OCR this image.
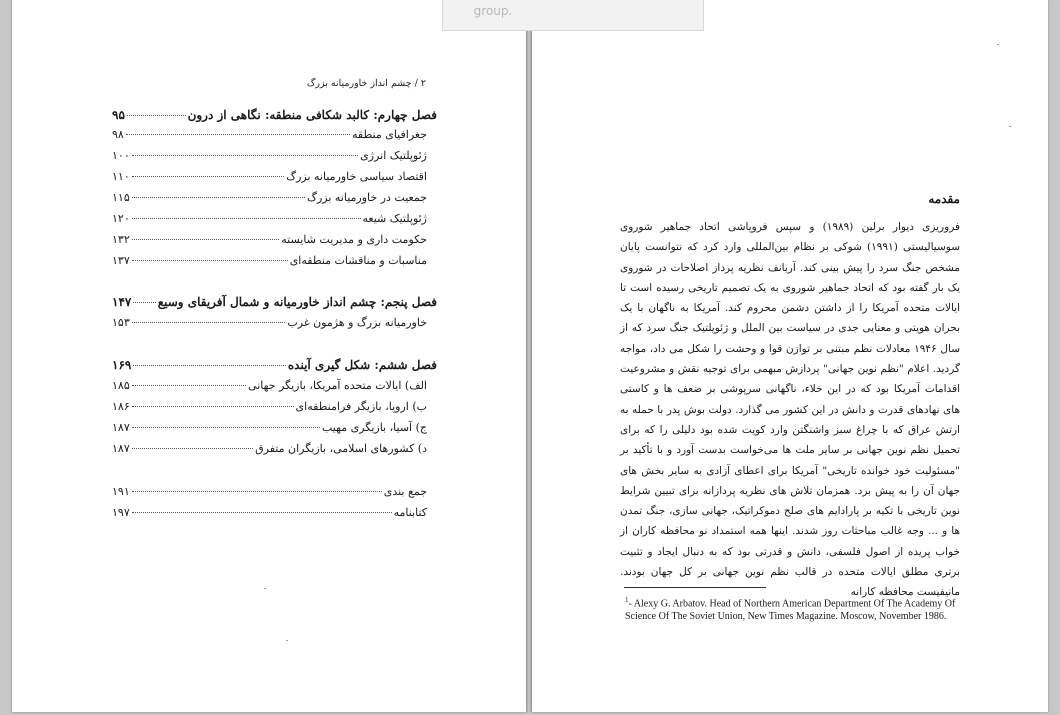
۲ / چشم انداز خاورمیانه بزرگ
فصل چهارم: کالبد شکافی منطقه: نگاهی از درون
۹۵
جغرافیای منطقه
۹۸
ژئوپلتیک انرژی
۱۰۰
اقتصاد سیاسی خاورمیانه بزرگ
۱۱۰
جمعیت در خاورمیانه بزرگ
۱۱۵
ژئوپلتیک شیعه
۱۲۰
حکومت داری و مدیریت شایسته
۱۳۲
مناسبات و مناقشات منطقه‌ای
۱۳۷
فصل پنجم: چشم انداز خاورمیانه و شمال آفریقای وسیع
۱۴۷
خاورمیانه بزرگ و هژمون غرب
۱۵۳
فصل ششم: شکل گیری آینده
۱۶۹
الف) ایالات متحده آمریکا، بازیگر جهانی
۱۸۵
ب) اروپا، بازیگر فرامنطقه‌ای
۱۸۶
ج) آسیا، بازیگری مهیب
۱۸۷
د) کشورهای اسلامی، بازیگران متفرق
۱۸۷
جمع بندی
۱۹۱
کتابنامه
۱۹۷
مقدمه
فروریزی دیوار برلین (۱۹۸۹) و سپس فروپاشی اتحاد جماهیر شوروی سوسیالیستی (۱۹۹۱) شوکی بر نظام بین‌المللی وارد کرد که نتوانست پایان مشخص جنگ سرد را پیش بینی کند. آربانف نظریه پرداز اصلاحات در شوروی یک بار گفته بود که اتحاد جماهیر شوروی به یک تصمیم تاریخی رسیده است تا ایالات متحده آمریکا را از داشتن دشمن محروم کند. آمریکا به ناگهان با یک بحران هویتی و معنایی جدی در سیاست بین الملل و ژئوپلتیک جنگ سرد که از سال ۱۹۴۶ معادلات نظم مبتنی بر توازن قوا و وحشت را شکل می داد، مواجه گردید. اعلام "نظم نوین جهانی" پردازش مبهمی برای توجیه نقش و مشروعیت اقدامات آمریکا بود که در این خلاء، ناگهانی سرپوشی بر ضعف ها و کاستی های نهادهای قدرت و دانش در این کشور می گذارد. دولت بوش پدر با حمله به ارتش عراق که با چراغ سبز واشنگتن وارد کویت شده بود دلیلی را که برای تحمیل نظم نوین جهانی بر سایر ملت ها می‌خواست بدست آورد و با تأکید بر "مسئولیت خود خوانده تاریخی" آمریکا برای اعطای آزادی به سایر بخش های جهان آن را به پیش برد. همزمان تلاش های نظریه پردازانه برای تبیین شرایط نوین تاریخی با تکیه بر پارادایم های صلح دموکراتیک، جهانی سازی، جنگ تمدن ها و ... وجه غالب مباحثات روز شدند. اینها همه استمداد نو محافظه کاران از خواب پریده از اصول فلسفی، دانش و قدرتی بود که به دنبال ایجاد و تثبیت برتری مطلق ایالات متحده در قالب نظم نوین جهانی بر کل جهان بودند. مانیفیست محافظه کارانه
$^1$- Alexy G. Arbatov. Head of Northern American Department Of The Academy Of Science Of The Soviet Union, New Times Magazine. Moscow, November 1986.
group.
